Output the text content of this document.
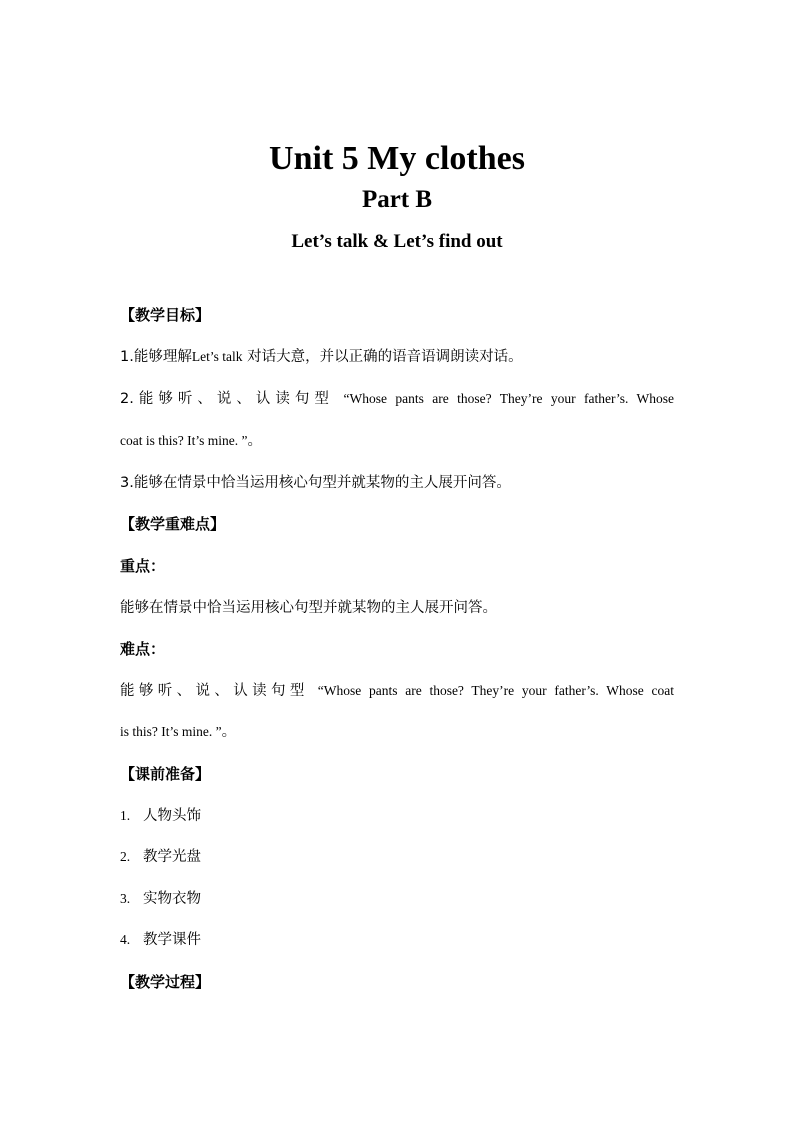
Unit 5 My clothes
Part B
Let’s talk & Let’s find out
【教学目标】
1.能够理解Let’s talk 对话大意，并以正确的语音语调朗读对话。
2.能够听、说、认读句型 “Whose pants are those? They’re your father’s. Whose
coat is this? It’s mine. ”。
3.能够在情景中恰当运用核心句型并就某物的主人展开问答。
【教学重难点】
重点：
能够在情景中恰当运用核心句型并就某物的主人展开问答。
难点：
能够听、说、认读句型 “Whose pants are those? They’re your father’s. Whose coat
is this? It’s mine. ”。
【课前准备】
1. 人物头饰
2. 教学光盘
3. 实物衣物
4. 教学课件
【教学过程】
